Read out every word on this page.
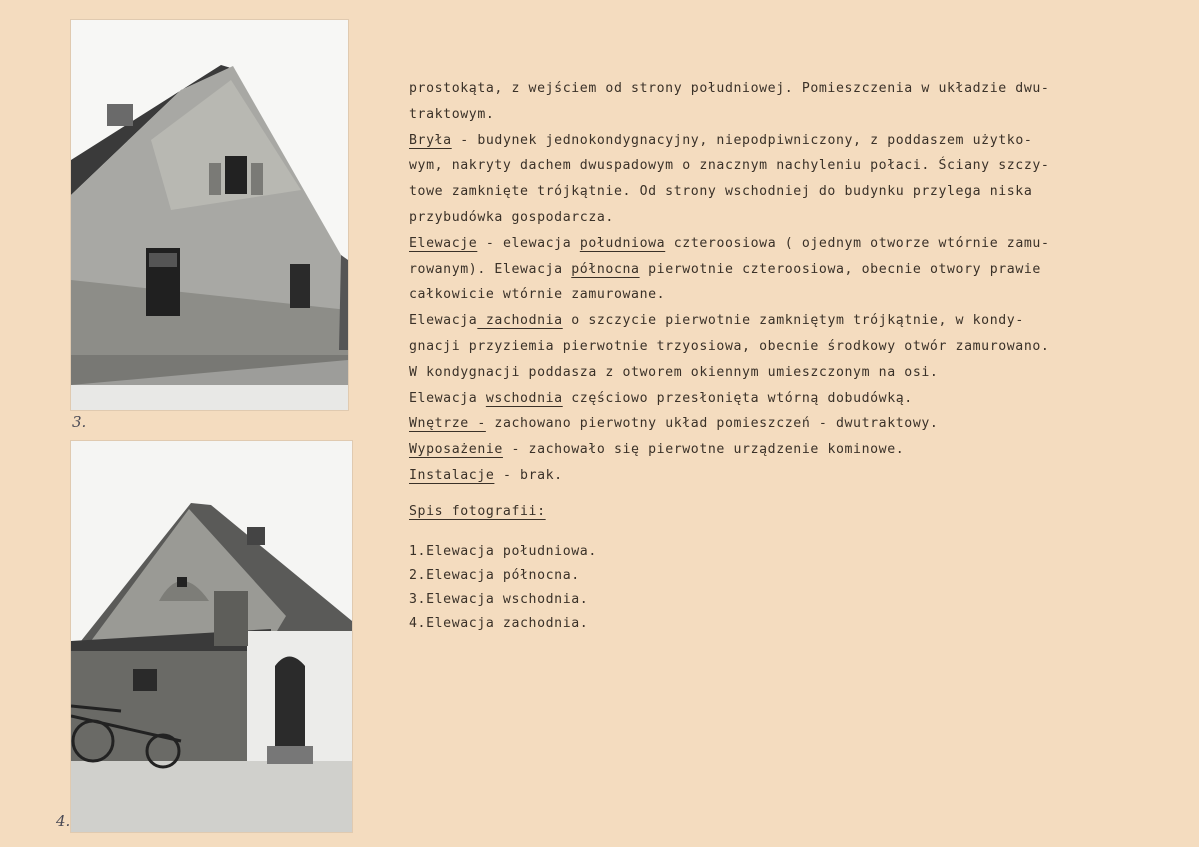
3.
4.
prostokąta, z wejściem od strony południowej. Pomieszczenia w układzie dwu-
traktowym.
Bryła - budynek jednokondygnacyjny, niepodpiwniczony, z poddaszem użytko-
wym, nakryty dachem dwuspadowym o znacznym nachyleniu połaci. Ściany szczy-
towe zamknięte trójkątnie. Od strony wschodniej do budynku przylega niska
przybudówka gospodarcza.
Elewacje - elewacja południowa czteroosiowa ( ojednym otworze wtórnie zamu-
rowanym). Elewacja północna pierwotnie czteroosiowa, obecnie otwory prawie
całkowicie wtórnie zamurowane.
Elewacja zachodnia o szczycie pierwotnie zamkniętym trójkątnie, w kondy-
gnacji przyziemia pierwotnie trzyosiowa, obecnie środkowy otwór zamurowano.
W kondygnacji poddasza z otworem okiennym umieszczonym na osi.
Elewacja wschodnia częściowo przesłonięta wtórną dobudówką.
Wnętrze - zachowano pierwotny układ pomieszczeń - dwutraktowy.
Wyposażenie - zachowało się pierwotne urządzenie kominowe.
Instalacje - brak.
Spis fotografii:
1.Elewacja południowa.
2.Elewacja północna.
3.Elewacja wschodnia.
4.Elewacja zachodnia.
